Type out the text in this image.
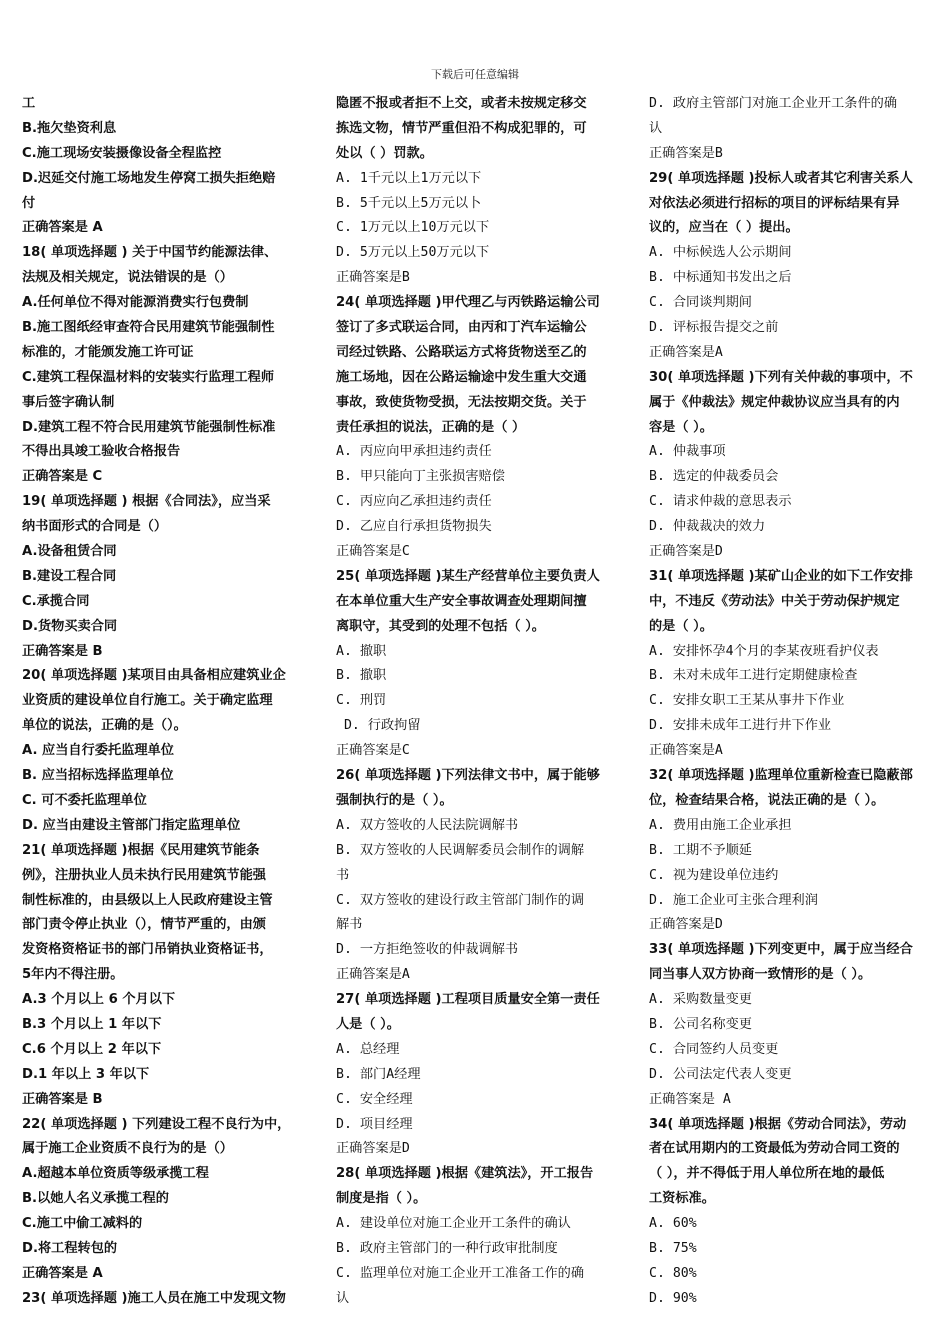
下载后可任意编辑
工
B.拖欠垫资利息
C.施工现场安装摄像设备全程监控
D.迟延交付施工场地发生停窝工损失拒绝赔
付
正确答案是 A
18( 单项选择题 ) 关于中国节约能源法律、
法规及相关规定，说法错误的是（）
A.任何单位不得对能源消费实行包费制
B.施工图纸经审查符合民用建筑节能强制性
标准的，才能颁发施工许可证
C.建筑工程保温材料的安装实行监理工程师
事后签字确认制
D.建筑工程不符合民用建筑节能强制性标准
不得出具竣工验收合格报告
正确答案是 C
19( 单项选择题 ) 根据《合同法》，应当采
纳书面形式的合同是（）
A.设备租赁合同
B.建设工程合同
C.承揽合同
D.货物买卖合同
正确答案是 B
20( 单项选择题 )某项目由具备相应建筑业企
业资质的建设单位自行施工。关于确定监理
单位的说法，正确的是（）。
A. 应当自行委托监理单位
B. 应当招标选择监理单位
C. 可不委托监理单位
D. 应当由建设主管部门指定监理单位
21( 单项选择题 )根据《民用建筑节能条
例》，注册执业人员未执行民用建筑节能强
制性标准的，由县级以上人民政府建设主管
部门责令停止执业（），情节严重的，由颁
发资格资格证书的部门吊销执业资格证书，
5年内不得注册。
A.3 个月以上 6 个月以下
B.3 个月以上 1 年以下
C.6 个月以上 2 年以下
D.1 年以上 3 年以下
正确答案是 B
22( 单项选择题 ) 下列建设工程不良行为中，
属于施工企业资质不良行为的是（）
A.超越本单位资质等级承揽工程
B.以她人名义承揽工程的
C.施工中偷工减料的
D.将工程转包的
正确答案是 A
23( 单项选择题 )施工人员在施工中发现文物
隐匿不报或者拒不上交，或者未按规定移交
拣选文物，情节严重但沿不构成犯罪的，可
处以（ ）罚款。
A. 1千元以上1万元以下
B. 5千元以上5万元以卜
C. 1万元以上10万元以下
D. 5万元以上50万元以下
正确答案是B
24( 单项选择题 )甲代理乙与丙铁路运输公司
签订了多式联运合同，由丙和丁汽车运输公
司经过铁路、公路联运方式将货物送至乙的
施工场地，因在公路运输途中发生重大交通
事故，致使货物受损，无法按期交货。关于
责任承担的说法，正确的是（ ）
A. 丙应向甲承担违约责任
B. 甲只能向丁主张损害赔偿
C. 丙应向乙承担违约责任
D. 乙应自行承担货物损失
正确答案是C
25( 单项选择题 )某生产经营单位主要负责人
在本单位重大生产安全事故调查处理期间擅
离职守，其受到的处理不包括（ ）。
A. 撤职
B. 撤职
C. 刑罚
D. 行政拘留
正确答案是C
26( 单项选择题 )下列法律文书中，属于能够
强制执行的是（ ）。
A. 双方签收的人民法院调解书
B. 双方签收的人民调解委员会制作的调解
书
C. 双方签收的建设行政主管部门制作的调
解书
D. 一方拒绝签收的仲裁调解书
正确答案是A
27( 单项选择题 )工程项目质量安全第一责任
人是（ ）。
A. 总经理
B. 部门A经理
C. 安全经理
D. 项目经理
正确答案是D
28( 单项选择题 )根据《建筑法》，开工报告
制度是指（ ）。
A. 建设单位对施工企业开工条件的确认
B. 政府主管部门的一种行政审批制度
C. 监理单位对施工企业开工准备工作的确
认
D. 政府主管部门对施工企业开工条件的确
认
正确答案是B
29( 单项选择题 )投标人或者其它利害关系人
对依法必须进行招标的项目的评标结果有异
议的，应当在（ ）提出。
A. 中标候选人公示期间
B. 中标通知书发出之后
C. 合同谈判期间
D. 评标报告提交之前
正确答案是A
30( 单项选择题 )下列有关仲裁的事项中，不
属于《仲裁法》规定仲裁协议应当具有的内
容是（ ）。
A. 仲裁事项
B. 选定的仲裁委员会
C. 请求仲裁的意思表示
D. 仲裁裁决的效力
正确答案是D
31( 单项选择题 )某矿山企业的如下工作安排
中，不违反《劳动法》中关于劳动保护规定
的是（ ）。
A. 安排怀孕4个月的李某夜班看护仪表
B. 未对未成年工进行定期健康检查
C. 安排女职工王某从事井下作业
D. 安排未成年工进行井下作业
正确答案是A
32( 单项选择题 )监理单位重新检查已隐蔽部
位，检查结果合格，说法正确的是（ ）。
A. 费用由施工企业承担
B. 工期不予顺延
C. 视为建设单位违约
D. 施工企业可主张合理利润
正确答案是D
33( 单项选择题 )下列变更中，属于应当经合
同当事人双方协商一致情形的是（ ）。
A. 采购数量变更
B. 公司名称变更
C. 合同签约人员变更
D. 公司法定代表人变更
正确答案是 A
34( 单项选择题 )根据《劳动合同法》，劳动
者在试用期内的工资最低为劳动合同工资的
（ ），并不得低于用人单位所在地的最低
工资标准。
A. 60%
B. 75%
C. 80%
D. 90%
